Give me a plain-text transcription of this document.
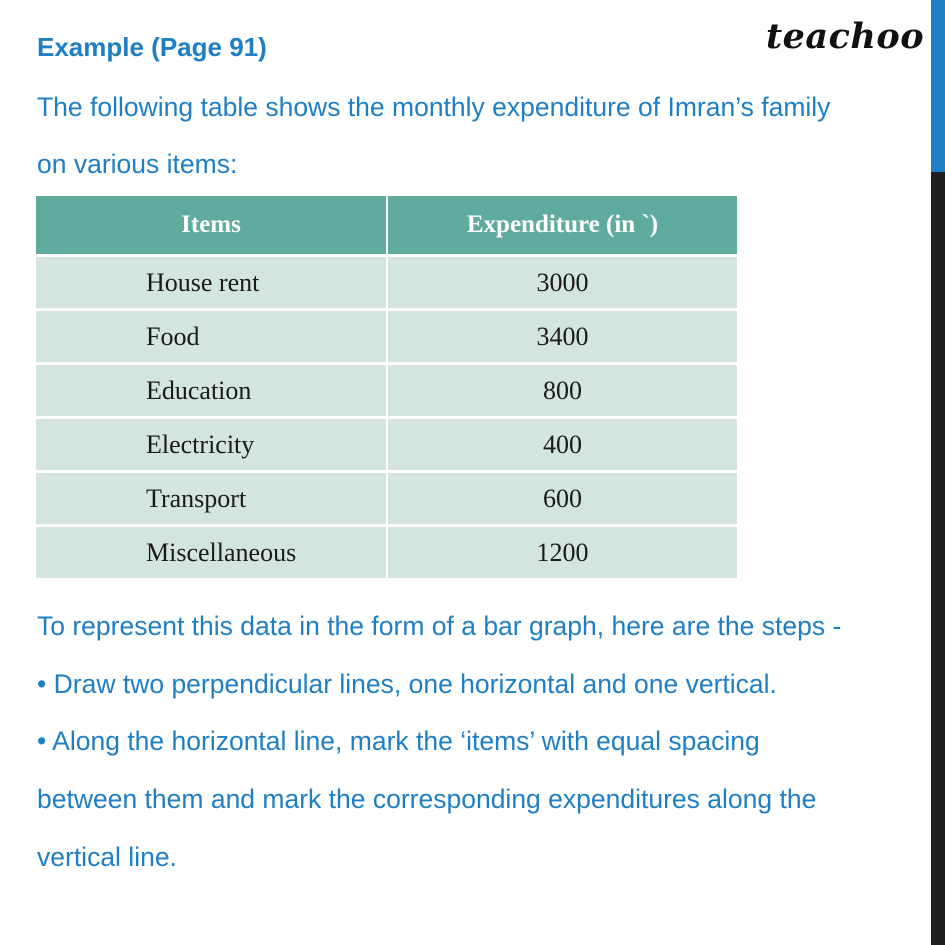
Example (Page 91)	teachoo
The following table shows the monthly expenditure of Imran’s family
on various items:
Items	Expenditure (in `)
House rent	3000
Food	3400
Education	800
Electricity	400
Transport	600
Miscellaneous	1200
To represent this data in the form of a bar graph, here are the steps -
• Draw two perpendicular lines, one horizontal and one vertical.
• Along the horizontal line, mark the ‘items’ with equal spacing
between them and mark the corresponding expenditures along the
vertical line.
